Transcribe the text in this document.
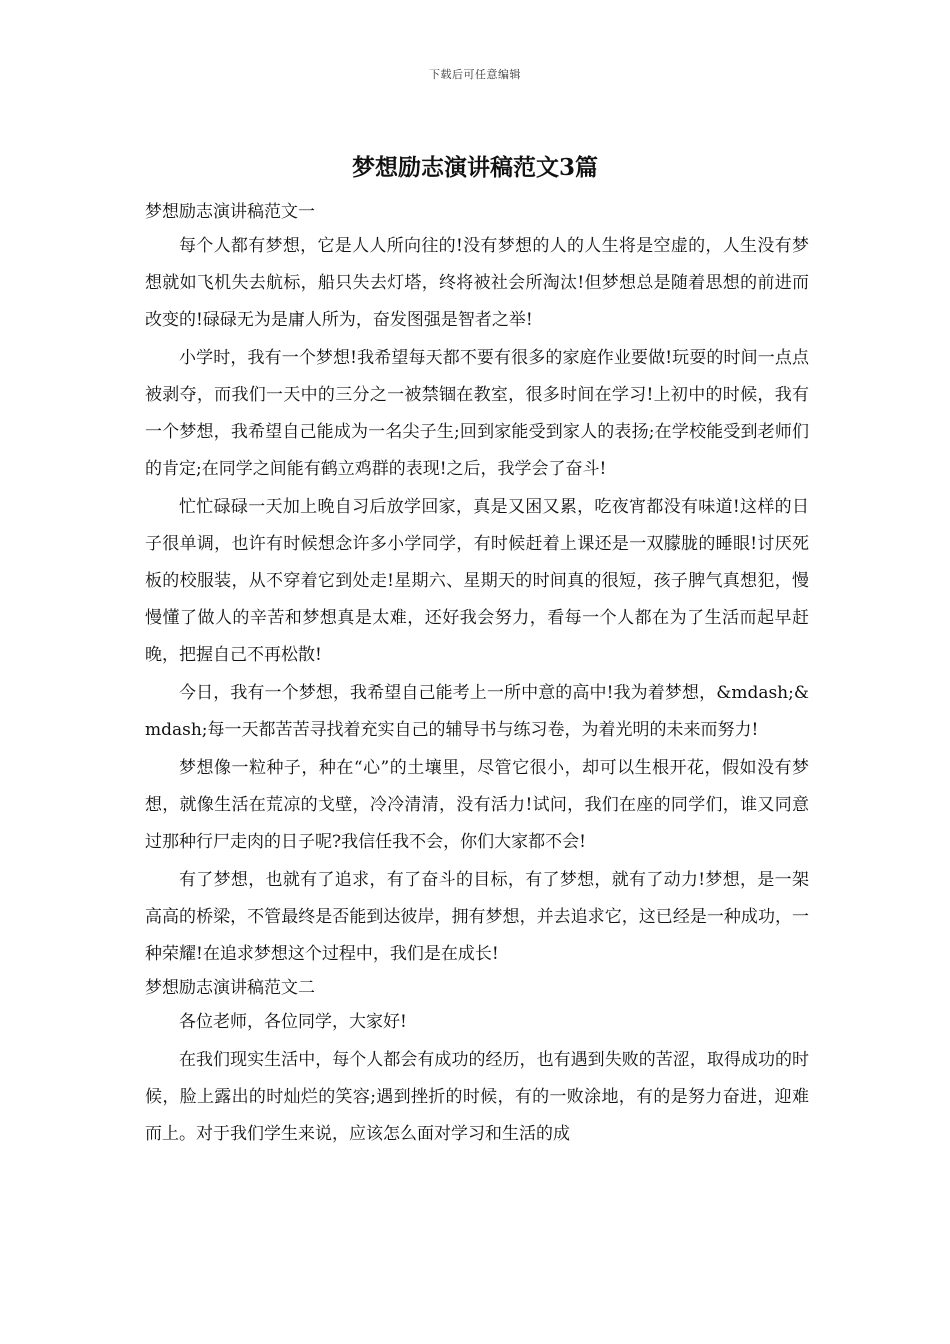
下载后可任意编辑
梦想励志演讲稿范文3篇
梦想励志演讲稿范文一

每个人都有梦想，它是人人所向往的!没有梦想的人的人生将是空虚的，人生没有梦想就如飞机失去航标，船只失去灯塔，终将被社会所淘汰!但梦想总是随着思想的前进而改变的!碌碌无为是庸人所为，奋发图强是智者之举!

小学时，我有一个梦想!我希望每天都不要有很多的家庭作业要做!玩耍的时间一点点被剥夺，而我们一天中的三分之一被禁锢在教室，很多时间在学习!上初中的时候，我有一个梦想，我希望自己能成为一名尖子生;回到家能受到家人的表扬;在学校能受到老师们的肯定;在同学之间能有鹤立鸡群的表现!之后，我学会了奋斗!

忙忙碌碌一天加上晚自习后放学回家，真是又困又累，吃夜宵都没有味道!这样的日子很单调，也许有时候想念许多小学同学，有时候赶着上课还是一双朦胧的睡眼!讨厌死板的校服装，从不穿着它到处走!星期六、星期天的时间真的很短，孩子脾气真想犯，慢慢懂了做人的辛苦和梦想真是太难，还好我会努力，看每一个人都在为了生活而起早赶晚，把握自己不再松散!

今日，我有一个梦想，我希望自己能考上一所中意的高中!我为着梦想，&mdash;&mdash;每一天都苦苦寻找着充实自己的辅导书与练习卷，为着光明的未来而努力!

梦想像一粒种子，种在“心”的土壤里，尽管它很小，却可以生根开花，假如没有梦想，就像生活在荒凉的戈壁，冷冷清清，没有活力!试问，我们在座的同学们，谁又同意过那种行尸走肉的日子呢?我信任我不会，你们大家都不会!

有了梦想，也就有了追求，有了奋斗的目标，有了梦想，就有了动力!梦想，是一架高高的桥梁，不管最终是否能到达彼岸，拥有梦想，并去追求它，这已经是一种成功，一种荣耀!在追求梦想这个过程中，我们是在成长!

梦想励志演讲稿范文二

各位老师，各位同学，大家好!

在我们现实生活中，每个人都会有成功的经历，也有遇到失败的苦涩，取得成功的时候，脸上露出的时灿烂的笑容;遇到挫折的时候，有的一败涂地，有的是努力奋进，迎难而上。对于我们学生来说，应该怎么面对学习和生活的成
